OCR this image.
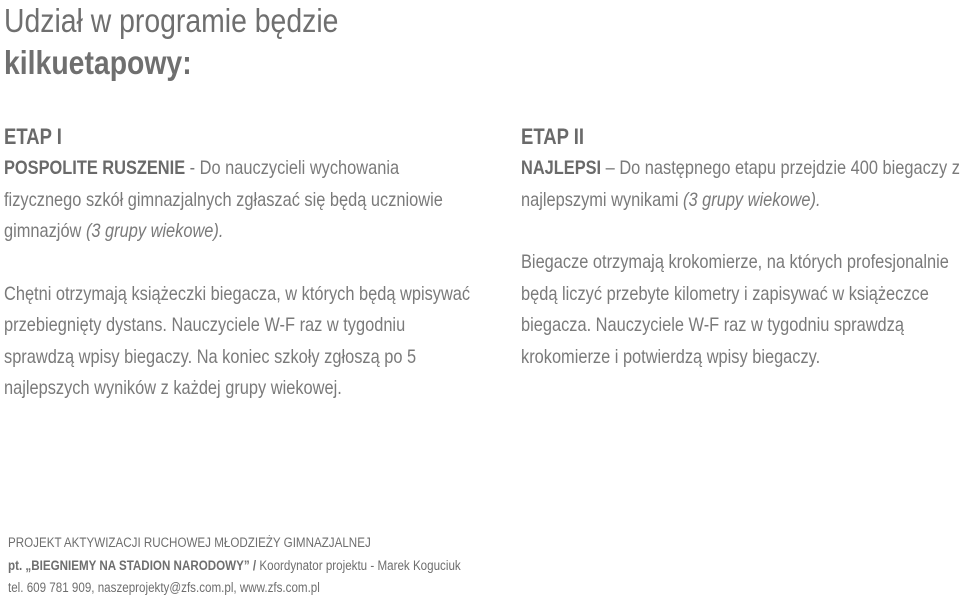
Udział w programie będzie
kilkuetapowy:
ETAP I

POSPOLITE RUSZENIE - Do nauczycieli wychowania fizycznego szkół gimnazjalnych zgłaszać się będą uczniowie gimnazjów (3 grupy wiekowe).

Chętni otrzymają książeczki biegacza, w których będą wpisywać przebiegnięty dystans. Nauczyciele W-F raz w tygodniu sprawdzą wpisy biegaczy. Na koniec szkoły zgłoszą po 5 najlepszych wyników z każdej grupy wiekowej.

ETAP II

NAJLEPSI – Do następnego etapu przejdzie 400 biegaczy z najlepszymi wynikami (3 grupy wiekowe).

Biegacze otrzymają krokomierze, na których profesjonalnie będą liczyć przebyte kilometry i zapisywać w książeczce biegacza. Nauczyciele W-F raz w tygodniu sprawdzą krokomierze i potwierdzą wpisy biegaczy.

PROJEKT AKTYWIZACJI RUCHOWEJ MŁODZIEŻY GIMNAZJALNEJ
pt. „BIEGNIEMY NA STADION NARODOWY” / Koordynator projektu - Marek Koguciuk
tel. 609 781 909, naszeprojekty@zfs.com.pl, www.zfs.com.pl
